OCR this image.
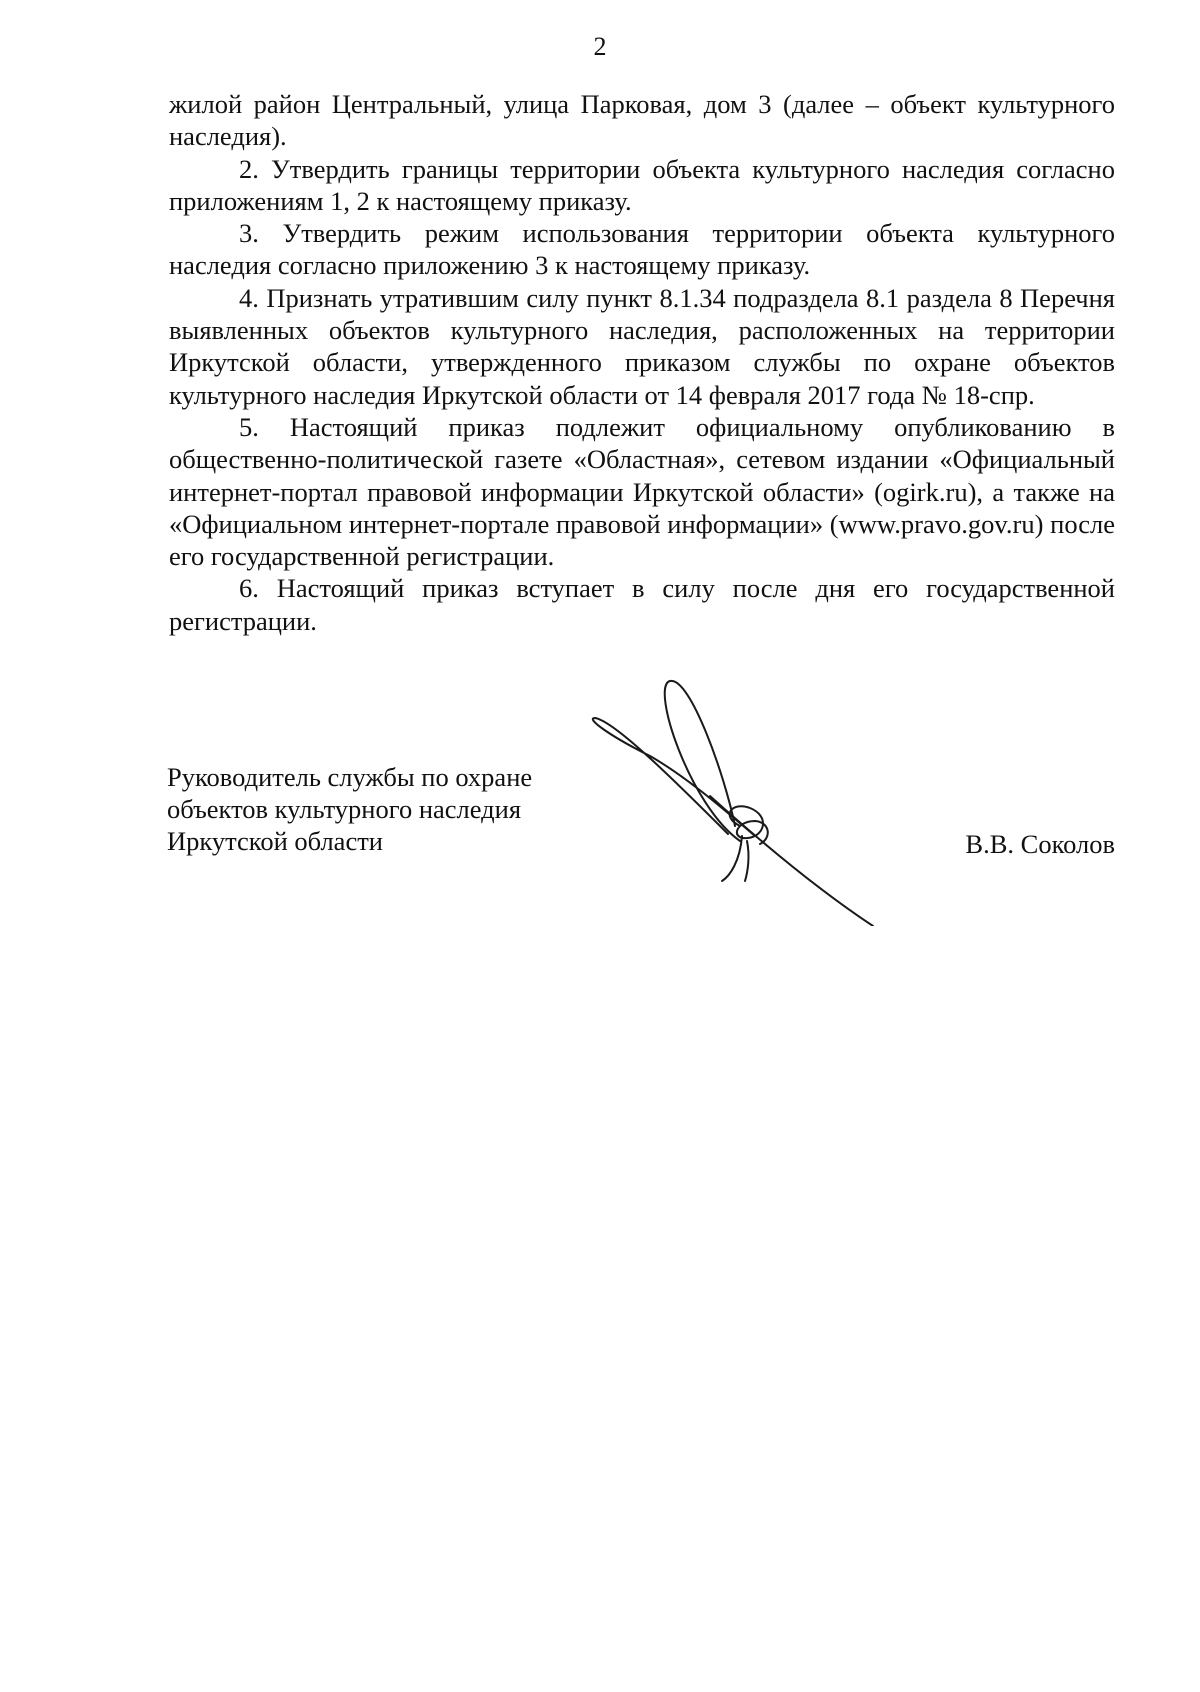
2

жилой район Центральный, улица Парковая, дом 3 (далее – объект культурного наследия).

2. Утвердить границы территории объекта культурного наследия согласно приложениям 1, 2 к настоящему приказу.

3. Утвердить режим использования территории объекта культурного наследия согласно приложению 3 к настоящему приказу.

4. Признать утратившим силу пункт 8.1.34 подраздела 8.1 раздела 8 Перечня выявленных объектов культурного наследия, расположенных на территории Иркутской области, утвержденного приказом службы по охране объектов культурного наследия Иркутской области от 14 февраля 2017 года № 18-спр.

5. Настоящий приказ подлежит официальному опубликованию в общественно-политической газете «Областная», сетевом издании «Официальный интернет-портал правовой информации Иркутской области» (ogirk.ru), а также на «Официальном интернет-портале правовой информации» (www.pravo.gov.ru) после его государственной регистрации.

6. Настоящий приказ вступает в силу после дня его государственной регистрации.

Руководитель службы по охране
объектов культурного наследия
Иркутской области	В.В. Соколов
